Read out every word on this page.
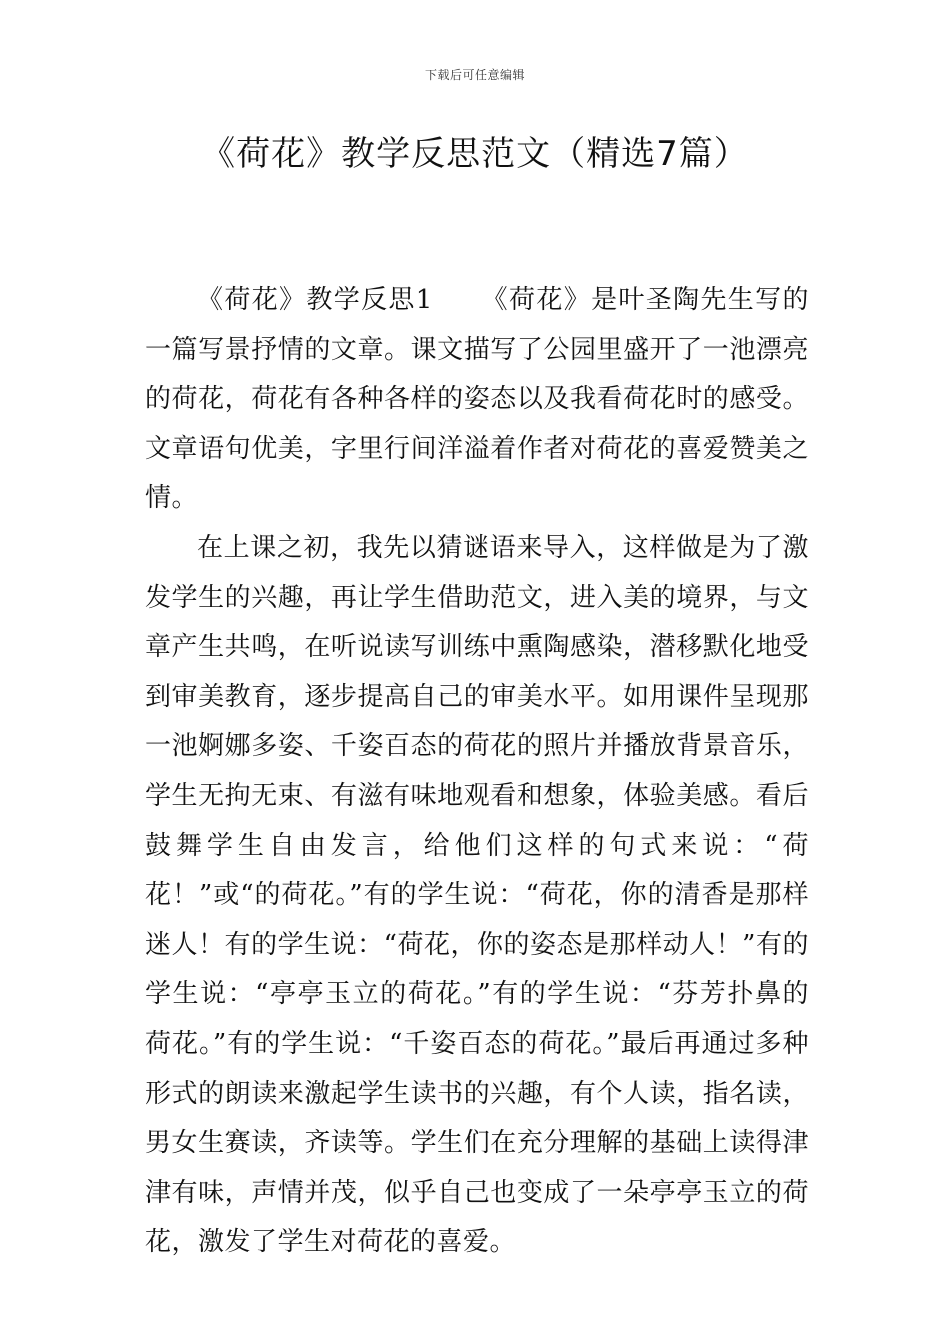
下载后可任意编辑
《荷花》教学反思范文（精选7篇）

《荷花》教学反思1 《荷花》是叶圣陶先生写的一篇写景抒情的文章。课文描写了公园里盛开了一池漂亮的荷花，荷花有各种各样的姿态以及我看荷花时的感受。文章语句优美，字里行间洋溢着作者对荷花的喜爱赞美之情。

在上课之初，我先以猜谜语来导入，这样做是为了激发学生的兴趣，再让学生借助范文，进入美的境界，与文章产生共鸣，在听说读写训练中熏陶感染，潜移默化地受到审美教育，逐步提高自己的审美水平。如用课件呈现那一池婀娜多姿、千姿百态的荷花的照片并播放背景音乐，学生无拘无束、有滋有味地观看和想象，体验美感。看后鼓舞学生自由发言，给他们这样的句式来说：“荷花！”或“的荷花。”有的学生说：“荷花，你的清香是那样迷人！有的学生说：“荷花，你的姿态是那样动人！”有的学生说：“亭亭玉立的荷花。”有的学生说：“芬芳扑鼻的荷花。”有的学生说：“千姿百态的荷花。”最后再通过多种形式的朗读来激起学生读书的兴趣，有个人读，指名读，男女生赛读，齐读等。学生们在充分理解的基础上读得津津有味，声情并茂，似乎自己也变成了一朵亭亭玉立的荷花，激发了学生对荷花的喜爱。
